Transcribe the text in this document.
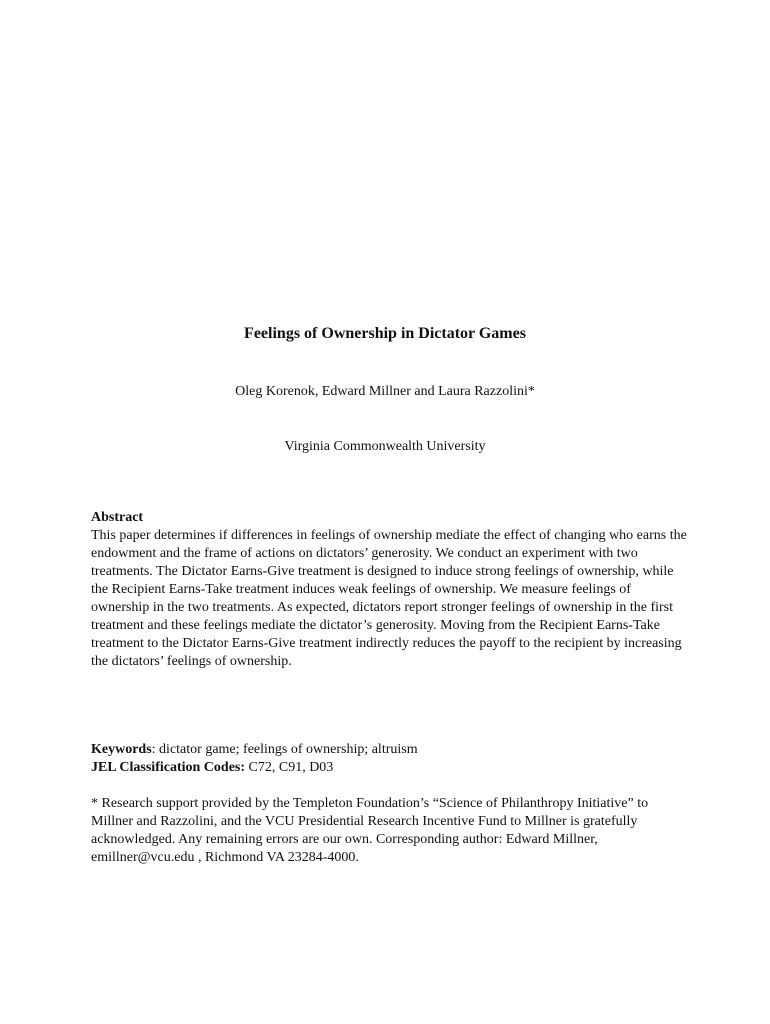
Feelings of Ownership in Dictator Games
Oleg Korenok, Edward Millner and Laura Razzolini*
Virginia Commonwealth University
Abstract

This paper determines if differences in feelings of ownership mediate the effect of changing who earns the endowment and the frame of actions on dictators’ generosity. We conduct an experiment with two treatments. The Dictator Earns-Give treatment is designed to induce strong feelings of ownership, while the Recipient Earns-Take treatment induces weak feelings of ownership. We measure feelings of ownership in the two treatments. As expected, dictators report stronger feelings of ownership in the first treatment and these feelings mediate the dictator’s generosity. Moving from the Recipient Earns-Take treatment to the Dictator Earns-Give treatment indirectly reduces the payoff to the recipient by increasing the dictators’ feelings of ownership.

Keywords: dictator game; feelings of ownership; altruism

JEL Classification Codes: C72, C91, D03

* Research support provided by the Templeton Foundation’s “Science of Philanthropy Initiative” to Millner and Razzolini, and the VCU Presidential Research Incentive Fund to Millner is gratefully acknowledged. Any remaining errors are our own. Corresponding author: Edward Millner, emillner@vcu.edu , Richmond VA 23284-4000.
